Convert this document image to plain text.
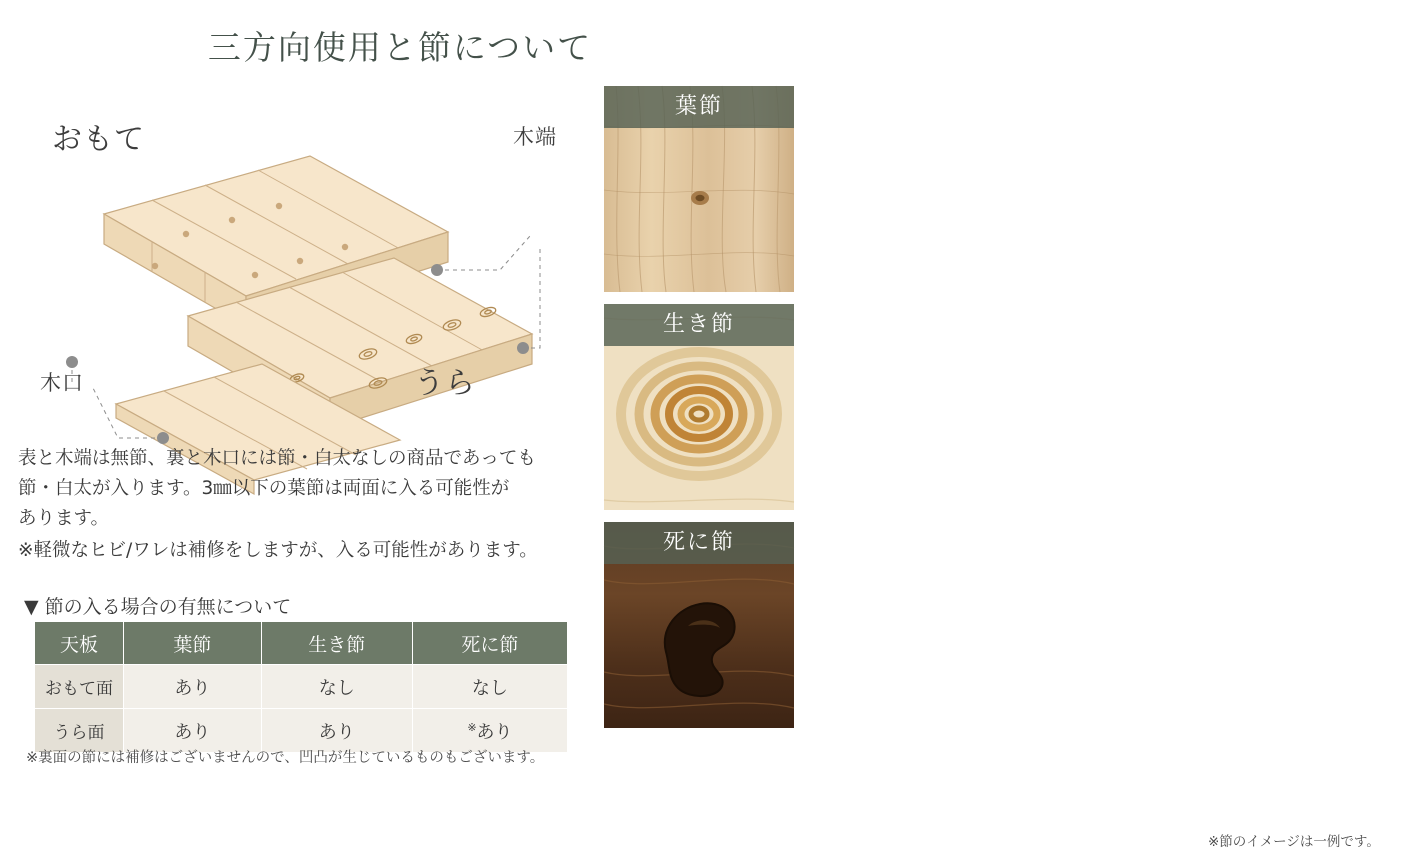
三方向使用と節について
おもて
うら
木端
木口

表と木端は無節、裏と木口には節・白太なしの商品であっても

節・白太が入ります。3㎜以下の葉節は両面に入る可能性が

あります。

※軽微なヒビ/ワレは補修をしますが、入る可能性があります。

▼ 節の入る場合の有無について
天板	葉節	生き節	死に節
おもて面	あり	なし	なし
うら面	あり	あり	※あり
※裏面の節には補修はございませんので、凹凸が生じているものもございます。
葉節
生き節
死に節
※節のイメージは一例です。
